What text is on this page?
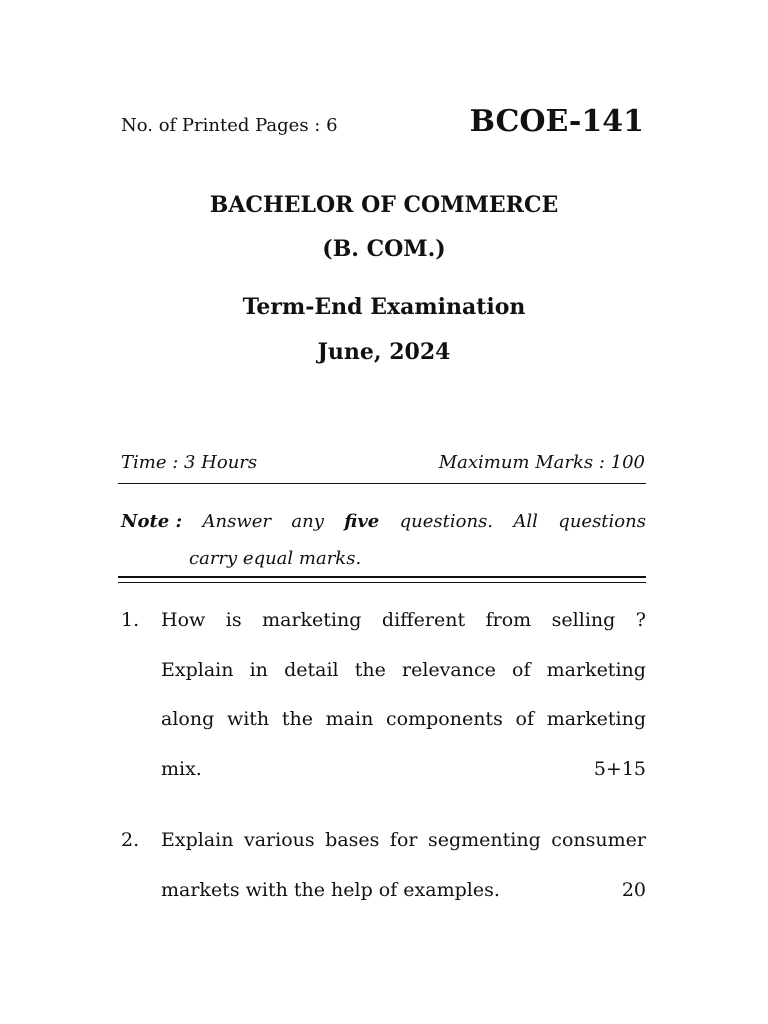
No. of Printed Pages : 6	BCOE-141
BACHELOR OF COMMERCE
(B. COM.)
Term-End Examination
June, 2024
Time : 3 Hours	Maximum Marks : 100
Note : Answer any five questions. All questions
carry equal marks.
1. How is marketing different from selling ?
Explain in detail the relevance of marketing
along with the main components of marketing
mix.	5+15
2. Explain various bases for segmenting consumer
markets with the help of examples.	20
